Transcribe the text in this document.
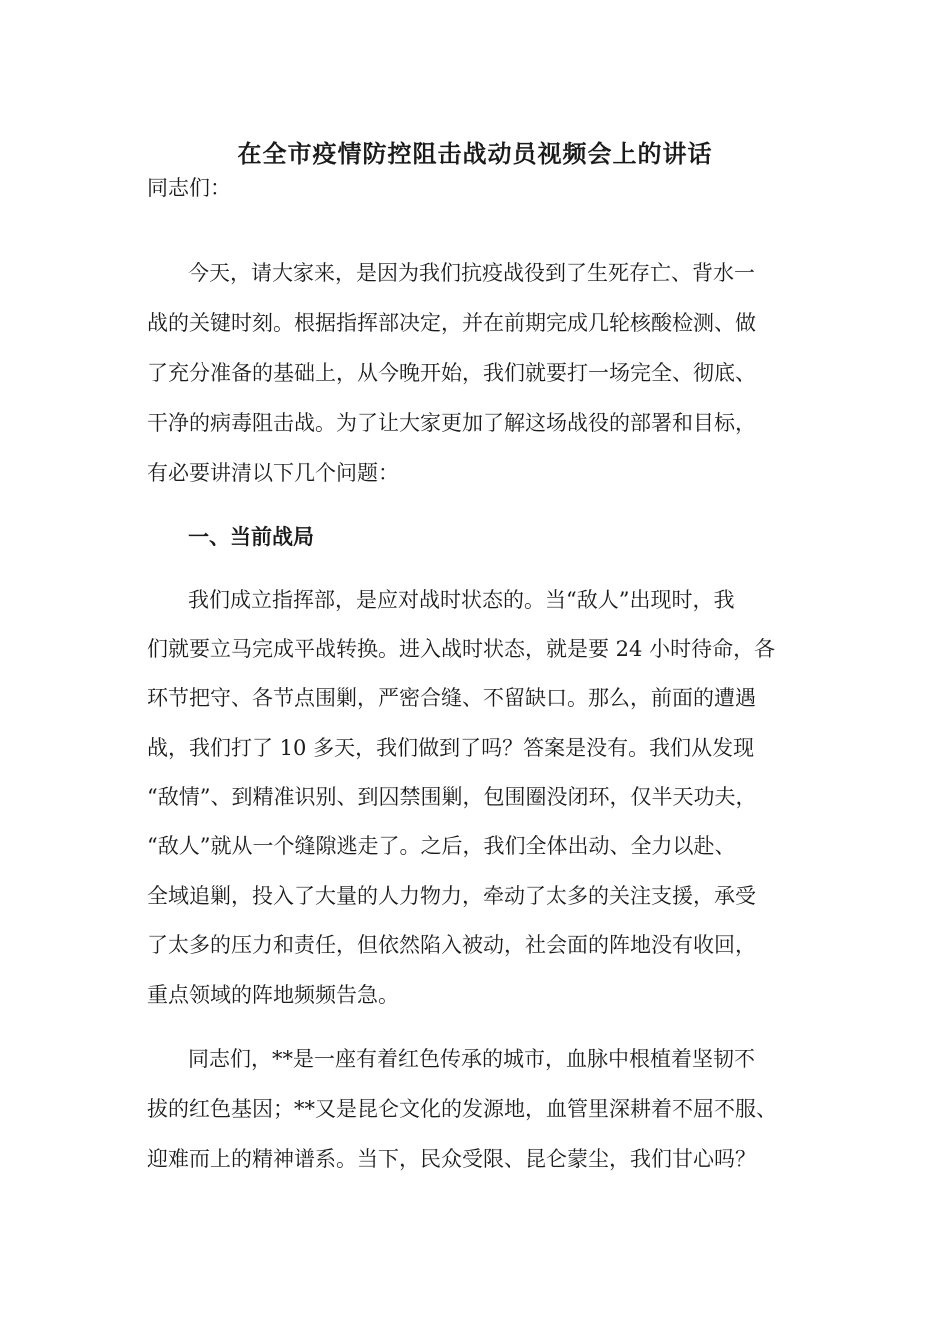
在全市疫情防控阻击战动员视频会上的讲话
同志们：
今天，请大家来，是因为我们抗疫战役到了生死存亡、背水一
战的关键时刻。根据指挥部决定，并在前期完成几轮核酸检测、做
了充分准备的基础上，从今晚开始，我们就要打一场完全、彻底、
干净的病毒阻击战。为了让大家更加了解这场战役的部署和目标，
有必要讲清以下几个问题：
一、当前战局
我们成立指挥部，是应对战时状态的。当“敌人”出现时，我
们就要立马完成平战转换。进入战时状态，就是要 24 小时待命，各
环节把守、各节点围剿，严密合缝、不留缺口。那么，前面的遭遇
战，我们打了 10 多天，我们做到了吗？答案是没有。我们从发现
“敌情”、到精准识别、到囚禁围剿，包围圈没闭环，仅半天功夫，
“敌人”就从一个缝隙逃走了。之后，我们全体出动、全力以赴、
全域追剿，投入了大量的人力物力，牵动了太多的关注支援，承受
了太多的压力和责任，但依然陷入被动，社会面的阵地没有收回，
重点领域的阵地频频告急。
同志们，**是一座有着红色传承的城市，血脉中根植着坚韧不
拔的红色基因；**又是昆仑文化的发源地，血管里深耕着不屈不服、
迎难而上的精神谱系。当下，民众受限、昆仑蒙尘，我们甘心吗？
